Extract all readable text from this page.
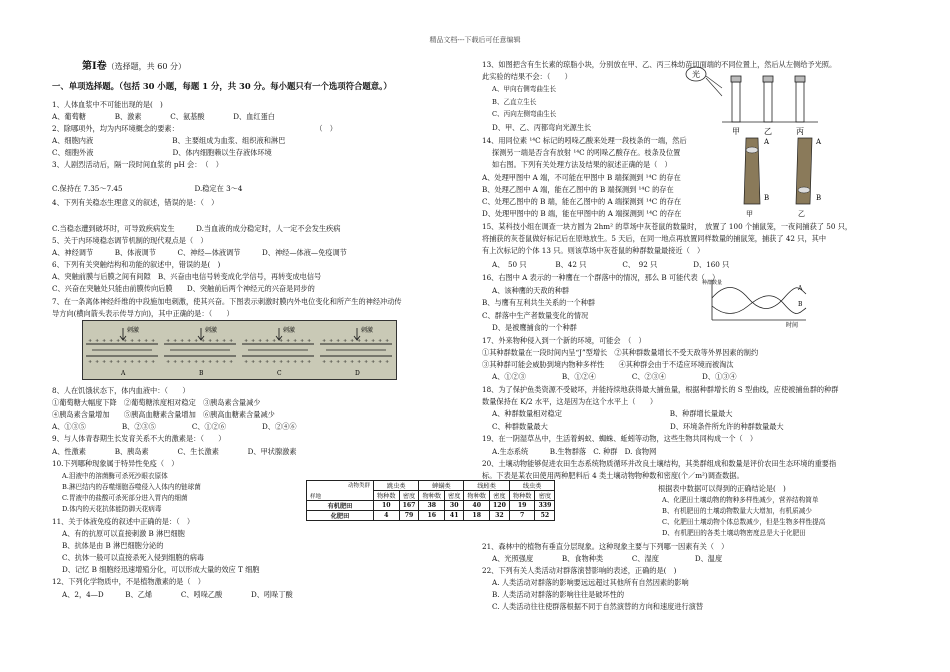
精品文档---下载后可任意编辑
第Ⅰ卷（选择题，共 60 分）
一、单项选择题。（包括 30 小题，每题 1 分，共 30 分。每小题只有一个选项符合题意。）
1、人体血浆中不可能出现的是(　)
A、葡萄糖　　　　B、激素　　　　C、氨基酸　　　　D、血红蛋白
2、除哪项外，均为内环境概念的要素：　　　　　　　　　　　　　　　　　　　　（　）
A、细胞内液　　　　　　　　　　　B、主要组成为血浆、组织液和淋巴
C、细胞外液　　　　　　　　　　　D、体内细胞赖以生存液体环境
3、人剧烈活动后，隔一段时间血浆的 pH 会：　（　）
C.保持在 7.35～7.45　　　　　　　　　　D.稳定在 3～4
4、下列有关稳态生理意义的叙述，错误的是：（　）
C.当稳态遭到破坏时，可导致疾病发生　　　D.当血液的成分稳定时，人一定不会发生疾病
5、关于内环境稳态调节机制的现代观点是（　）
A、神经调节　　　B、体液调节　　　C、神经—体液调节　　　D、神经—体液—免疫调节
6、下列有关突触结构和功能的叙述中，错误的是(　)
A、突触前膜与后膜之间有间隙　B、兴奋由电信号转变成化学信号，再转变成电信号
C、兴奋在突触处只能由前膜传向后膜　　D、突触前后两个神经元的兴奋是同步的
7、在一条离体神经纤维的中段施加电刺激，使其兴奋。下图表示刺激时膜内外电位变化和所产生的神经冲动传
导方向(横向箭头表示传导方向)，其中正确的是：（　　）
8、人在饥饿状态下，体内血液中：（　　）
①葡萄糖大幅度下降　②葡萄糖浓度相对稳定　③胰岛素含量减少
④胰岛素含量增加　　⑤胰高血糖素含量增加　⑥胰高血糖素含量减少
A、①③⑤　　　　　B、②③⑤　　　　　C、①②⑥　　　　　D、②④⑥
9、与人体青春期生长发育关系不大的激素是：（　　）
A、性激素　　　　B、胰岛素　　　　C、生长激素　　　　D、甲状腺激素
10.下列哪种现象属于特异性免疫（　）
A.泪液中的溶菌酶可杀死沙眼衣原体
B.淋巴结内的吞噬细胞吞噬侵入人体内的链球菌
C.胃液中的盐酸可杀死部分进入胃内的细菌
D.体内的天花抗体能防御天花病毒
11、关于体液免疫的叙述中正确的是：（　）
A、有的抗原可以直接刺激 B 淋巴细胞
B、抗体是由 B 淋巴细胞分泌的
C、抗体一般可以直接杀死入侵到细胞的病毒
D、记忆 B 细胞经迅速增殖分化，可以形成大量的效应 T 细胞
12、下列化学物质中，不是植物激素的是（　）
A、2，4—D　　　B、乙烯　　　　C、吲哚乙酸　　　　D、吲哚丁酸
+
+
+
+
+
+
+
+
+
+
+
+
+
+
+
+
+
+
+
+
刺激
A
+
+
+
+
+
+
+
+
+
+
+
+
+
+
+
+
+
+
+
+
刺激
B
+
+
+
+
+
+
+
+
+
+
+
+
+
+
+
+
+
+
+
+
刺激
C
+
+
+
+
+
+
+
+
+
+
+
+
+
+
+
+
+
+
+
+
刺激
D
13、如图把含有生长素的琼脂小块，分别放在甲、乙、丙三株幼苗切面端的不同位置上，然后从左侧给予光照。
此实验的结果不会：（　　）
A、甲向右侧弯曲生长
B、乙直立生长
C、丙向左侧弯曲生长
D、甲、乙、丙都弯向光源生长
14、用同位素 ¹⁴C 标记的吲哚乙酸来处理一段枝条的一端，然后
探测另一端是否含有放射 ¹⁴C 的吲哚乙酸存在。枝条及位置
如右图。下列有关处理方法及结果的叙述正确的是（　）
A、处理甲图中 A 端，不可能在甲图中 B 端探测到 ¹⁴C 的存在
B、处理乙图中 A 端，能在乙图中的 B 端探测到 ¹⁴C 的存在
C、处理乙图中的 B 端，能在乙图中的 A 端探测到 ¹⁴C 的存在
D、处理甲图中的 B 端，能在甲图中的 A 端探测到 ¹⁴C 的存在
15、某科技小组在调查一块方圆为 2hm² 的草场中灰苍鼠的数量时，　放置了 100 个捕鼠笼，一夜间捕获了 50 只，
将捕获的灰苍鼠做好标记后在原地放生。5 天后，在同一地点再放置同样数量的捕鼠笼，捕获了 42 只，其中
有上次标记的个体 13 只。则该草场中灰苍鼠的种群数量最接近（　）
A、　50 只　　　　B、42 只　　　　　C、　92 只　　　　　D、160 只
16、右图中 A 表示的一种鹰在一个群落中的情况，那么 B 可能代表（　）
A、该种鹰的天敌的种群
B、与鹰有互利共生关系的一个种群
C、群落中生产者数量变化的情况
D、是被鹰捕食的一个种群
17、外来物种侵入到一个新的环境，可能会　（　）
①其种群数量在一段时间内呈“J”型增长　②其种群数量增长不受天敌等外界因素的制约
③其种群可能会威胁到境内物种多样性　　④其种群会由于不适应环境而被淘汰
A、①②③　　　　　B、①②④　　　　　C、②③④　　　　　D、①③④
18、为了保护鱼类资源不受破坏，并能持续地获得最大捕鱼量，根据种群增长的 S 型曲线，应使被捕鱼群的种群
数量保持在 K/2 水平，这是因为在这个水平上（　　）
A、种群数量相对稳定　　　　　　　　　　　　　　　B、种群增长量最大
C、种群数量最大　　　　　　　　　　　　　　　　　D、环境条件所允许的种群数量最大
19、在一阴湿草丛中，生活着蚂蚁、蜘蛛、蚯蚓等动物，这些生物共同构成一个（　）
A.生态系统　　　B.生物群落　C. 种群　D. 食物网
20、土壤动物能够促进农田生态系统物质循环并改良土壤结构，其类群组成和数量是评价农田生态环境的重要指
标。下表是某农田使用两种肥料后 4 类土壤动物物种数和密度(个／m²)调查数据。
根据表中数据可以得到的正确结论是(　)
A、化肥田土壤动物的物种多样性减少，营养结构简单
B、有机肥田的土壤动物数量大大增加，有机质减少
C、化肥田土壤动物个体总数减少，但是生物多样性提高
D、有机肥田的各类土壤动物密度总是大于化肥田
21、森林中的植物有垂直分层现象。这种现象主要与下列哪一因素有关（　）
A、光照强度　　　　B、食物种类　　　　C、湿度　　　　　D、温度
22、下列有关人类活动对群落演替影响的表述，正确的是(　)
A. 人类活动对群落的影响要远远超过其他所有自然因素的影响
B. 人类活动对群落的影响往往是破坏性的
C. 人类活动往往使群落根据不同于自然演替的方向和速度进行演替
光
甲	乙	丙
A
B
A
B
甲	乙
种群数量
A
B
时间
动物类群
样地	跳虫类		蜱螨类		线蚓类		线虫类	
	物种数	密度	物种数	密度	物种数	密度	物种数	密度
有机肥田	10	167	38	30	40	120	19	339
化肥田	4	79	16	41	18	32	7	52
